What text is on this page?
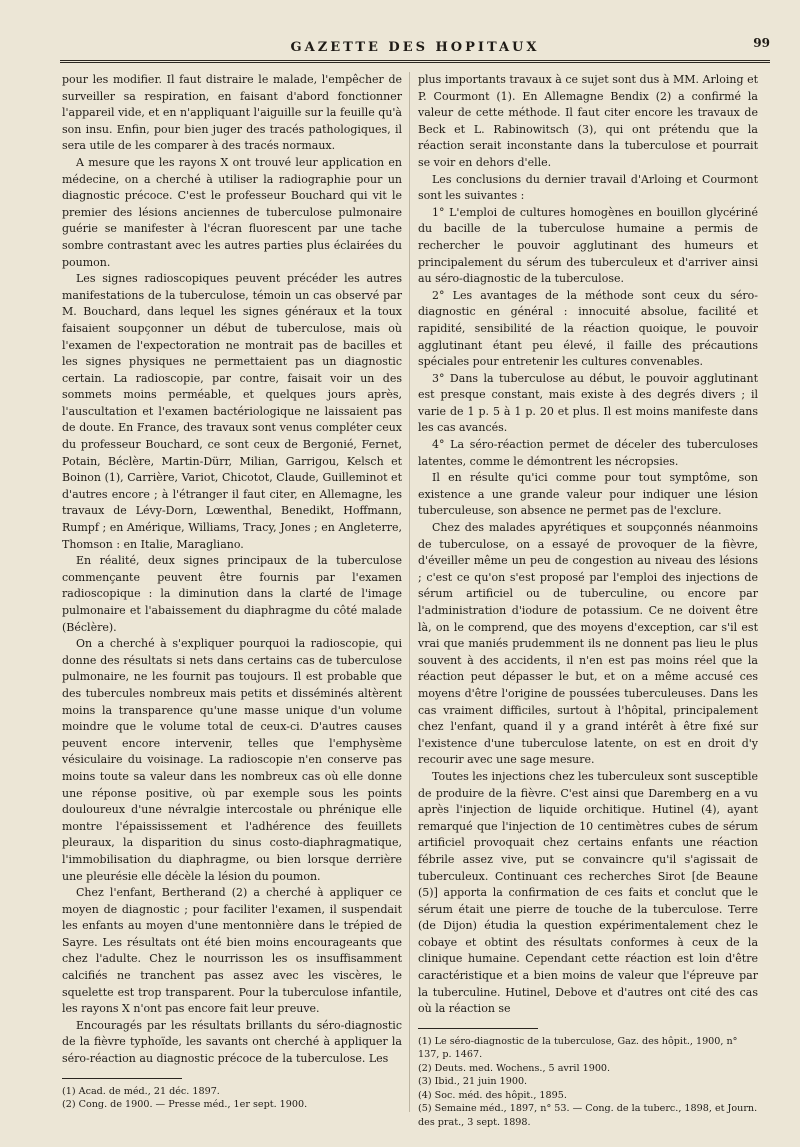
GAZETTE DES HOPITAUX	99

pour les modifier. Il faut distraire le malade, l'empêcher de surveiller sa respiration, en faisant d'abord fonctionner l'appareil vide, et en n'appliquant l'aiguille sur la feuille qu'à son insu. Enfin, pour bien juger des tracés pathologiques, il sera utile de les comparer à des tracés normaux.

A mesure que les rayons X ont trouvé leur application en médecine, on a cherché à utiliser la radiographie pour un diagnostic précoce. C'est le professeur Bouchard qui vit le premier des lésions anciennes de tuberculose pulmonaire guérie se manifester à l'écran fluorescent par une tache sombre contrastant avec les autres parties plus éclairées du poumon.

Les signes radioscopiques peuvent précéder les autres manifestations de la tuberculose, témoin un cas observé par M. Bouchard, dans lequel les signes généraux et la toux faisaient soupçonner un début de tuberculose, mais où l'examen de l'expectoration ne montrait pas de bacilles et les signes physiques ne permettaient pas un diagnostic certain. La radioscopie, par contre, faisait voir un des sommets moins perméable, et quelques jours après, l'auscultation et l'examen bactériologique ne laissaient pas de doute. En France, des travaux sont venus compléter ceux du professeur Bouchard, ce sont ceux de Bergonié, Fernet, Potain, Béclère, Martin-Dürr, Milian, Garrigou, Kelsch et Boinon (1), Carrière, Variot, Chicotot, Claude, Guilleminot et d'autres encore ; à l'étranger il faut citer, en Allemagne, les travaux de Lévy-Dorn, Lœwenthal, Benedikt, Hoffmann, Rumpf ; en Amérique, Williams, Tracy, Jones ; en Angleterre, Thomson : en Italie, Maragliano.

En réalité, deux signes principaux de la tuberculose commençante peuvent être fournis par l'examen radioscopique : la diminution dans la clarté de l'image pulmonaire et l'abaissement du diaphragme du côté malade (Béclère).

On a cherché à s'expliquer pourquoi la radioscopie, qui donne des résultats si nets dans certains cas de tuberculose pulmonaire, ne les fournit pas toujours. Il est probable que des tubercules nombreux mais petits et disséminés altèrent moins la transparence qu'une masse unique d'un volume moindre que le volume total de ceux-ci. D'autres causes peuvent encore intervenir, telles que l'emphysème vésiculaire du voisinage. La radioscopie n'en conserve pas moins toute sa valeur dans les nombreux cas où elle donne une réponse positive, où par exemple sous les points douloureux d'une névralgie intercostale ou phrénique elle montre l'épaississement et l'adhérence des feuillets pleuraux, la disparition du sinus costo-diaphragmatique, l'immobilisation du diaphragme, ou bien lorsque derrière une pleurésie elle décèle la lésion du poumon.

Chez l'enfant, Bertherand (2) a cherché à appliquer ce moyen de diagnostic ; pour faciliter l'examen, il suspendait les enfants au moyen d'une mentonnière dans le trépied de Sayre. Les résultats ont été bien moins encourageants que chez l'adulte. Chez le nourrisson les os insuffisamment calcifiés ne tranchent pas assez avec les viscères, le squelette est trop transparent. Pour la tuberculose infantile, les rayons X n'ont pas encore fait leur preuve.

Encouragés par les résultats brillants du séro-diagnostic de la fièvre typhoïde, les savants ont cherché à appliquer la séro-réaction au diagnostic précoce de la tuberculose. Les

(1) Acad. de méd., 21 déc. 1897.
(2) Cong. de 1900. — Presse méd., 1er sept. 1900.

plus importants travaux à ce sujet sont dus à MM. Arloing et P. Courmont (1). En Allemagne Bendix (2) a confirmé la valeur de cette méthode. Il faut citer encore les travaux de Beck et L. Rabinowitsch (3), qui ont prétendu que la réaction serait inconstante dans la tuberculose et pourrait se voir en dehors d'elle.

Les conclusions du dernier travail d'Arloing et Courmont sont les suivantes :

1° L'emploi de cultures homogènes en bouillon glycériné du bacille de la tuberculose humaine a permis de rechercher le pouvoir agglutinant des humeurs et principalement du sérum des tuberculeux et d'arriver ainsi au séro-diagnostic de la tuberculose.

2° Les avantages de la méthode sont ceux du séro-diagnostic en général : innocuité absolue, facilité et rapidité, sensibilité de la réaction quoique, le pouvoir agglutinant étant peu élevé, il faille des précautions spéciales pour entretenir les cultures convenables.

3° Dans la tuberculose au début, le pouvoir agglutinant est presque constant, mais existe à des degrés divers ; il varie de 1 p. 5 à 1 p. 20 et plus. Il est moins manifeste dans les cas avancés.

4° La séro-réaction permet de déceler des tuberculoses latentes, comme le démontrent les nécropsies.

Il en résulte qu'ici comme pour tout symptôme, son existence a une grande valeur pour indiquer une lésion tuberculeuse, son absence ne permet pas de l'exclure.

Chez des malades apyrétiques et soupçonnés néanmoins de tuberculose, on a essayé de provoquer de la fièvre, d'éveiller même un peu de congestion au niveau des lésions ; c'est ce qu'on s'est proposé par l'emploi des injections de sérum artificiel ou de tuberculine, ou encore par l'administration d'iodure de potassium. Ce ne doivent être là, on le comprend, que des moyens d'exception, car s'il est vrai que maniés prudemment ils ne donnent pas lieu le plus souvent à des accidents, il n'en est pas moins réel que la réaction peut dépasser le but, et on a même accusé ces moyens d'être l'origine de poussées tuberculeuses. Dans les cas vraiment difficiles, surtout à l'hôpital, principalement chez l'enfant, quand il y a grand intérêt à être fixé sur l'existence d'une tuberculose latente, on est en droit d'y recourir avec une sage mesure.

Toutes les injections chez les tuberculeux sont susceptible de produire de la fièvre. C'est ainsi que Daremberg en a vu après l'injection de liquide orchitique. Hutinel (4), ayant remarqué que l'injection de 10 centimètres cubes de sérum artificiel provoquait chez certains enfants une réaction fébrile assez vive, put se convaincre qu'il s'agissait de tuberculeux. Continuant ces recherches Sirot [de Beaune (5)] apporta la confirmation de ces faits et conclut que le sérum était une pierre de touche de la tuberculose. Terre (de Dijon) étudia la question expérimentalement chez le cobaye et obtint des résultats conformes à ceux de la clinique humaine. Cependant cette réaction est loin d'être caractéristique et a bien moins de valeur que l'épreuve par la tuberculine. Hutinel, Debove et d'autres ont cité des cas où la réaction se

(1) Le séro-diagnostic de la tuberculose, Gaz. des hôpit., 1900, n° 137, p. 1467.
(2) Deuts. med. Wochens., 5 avril 1900.
(3) Ibid., 21 juin 1900.
(4) Soc. méd. des hôpit., 1895.
(5) Semaine méd., 1897, n° 53. — Cong. de la tuberc., 1898, et Journ. des prat., 3 sept. 1898.
